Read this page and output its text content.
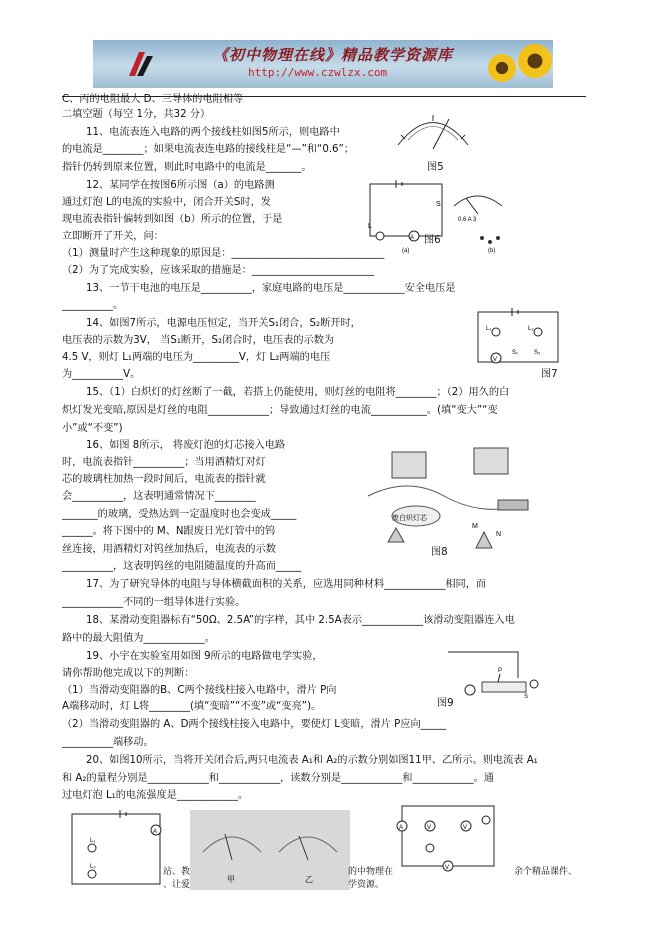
《初中物理在线》精品教学资源库
http://www.czwlzx.com
C、丙的电阻最大 D、三导体的电阻相等
二填空题（每空 1分，共32 分）
11、电流表连入电路的两个接线柱如图5所示，则电路中
的电流是________；如果电流表连电路的接线柱是“—”和“0.6”；
指针仍转到原来位置，则此时电路中的电流是_______。
12、某同学在按图6所示图（a）的电路测
通过灯泡 L的电流的实验中，闭合开关S时，发
现电流表指针偏转到如图（b）所示的位置，于是
立即断开了开关，问：
（1）测量时产生这种现象的原因是：______________________________
（2）为了完成实验，应该采取的措施是：________________________
13、一节干电池的电压是__________，家庭电路的电压是____________安全电压是
__________。
14、如图7所示，电源电压恒定，当开关S₁闭合，S₂断开时，
电压表的示数为3V， 当S₁断开，S₂闭合时，电压表的示数为
4.5 V，则灯 L₁两端的电压为_________V，灯 L₂两端的电压
为__________V。
15、（1）白炽灯的灯丝断了一截，若搭上仍能使用，则灯丝的电阻将________；（2）用久的白
炽灯发光变暗,原因是灯丝的电阻____________；导致通过灯丝的电流___________。(填“变大”“变
小”或“不变”)
16、如图 8所示， 将废灯泡的灯芯接入电路
时，电流表指针__________；当用酒精灯对灯
芯的玻璃柱加热一段时间后，电流表的指针就
会__________，这表明通常情况下________
_______的玻璃，受热达到一定温度时也会变成_____
______。将下图中的 M、N跟废日光灯管中的钨
丝连接，用酒精灯对钨丝加热后，电流表的示数
__________，这表明钨丝的电阻随温度的升高而_____
17、为了研究导体的电阻与导体横截面积的关系，应选用同种材料____________相同，而
____________不同的一组导体进行实验。
18、某滑动变阻器标有“50Ω、2.5A”的字样，其中 2.5A表示____________该滑动变阻器连入电
路中的最大阻值为____________。
19、小宇在实验室用如图 9所示的电路做电学实验，
请你帮助他完成以下的判断：
（1）当滑动变阻器的B、C两个接线柱接入电路中，滑片 P向
A端移动时，灯 L将________(填“变暗”“不变”或“变亮”)。
（2）当滑动变阻器的 A、D两个接线柱接入电路中，要使灯 L变暗，滑片 P应向_____
__________端移动。
20、如图10所示，当将开关闭合后,两只电流表 A₁和 A₂的示数分别如图11甲、乙所示。则电流表 A₁
和 A₂的量程分别是____________和____________，读数分别是____________和____________。通
过电灯泡 L₁的电流强度是____________。
图5
L
A
S
0.6 A 3
(a)	(b)
图6
V
L₁	L₂
S₁	S₂
图7
M
N
废白炽灯芯
图8
P
S
图9
A
L₁
L₂
甲	乙
A	V	V
V
站、教
、让爱
的中物理在
学资源。
余个精品课件、
